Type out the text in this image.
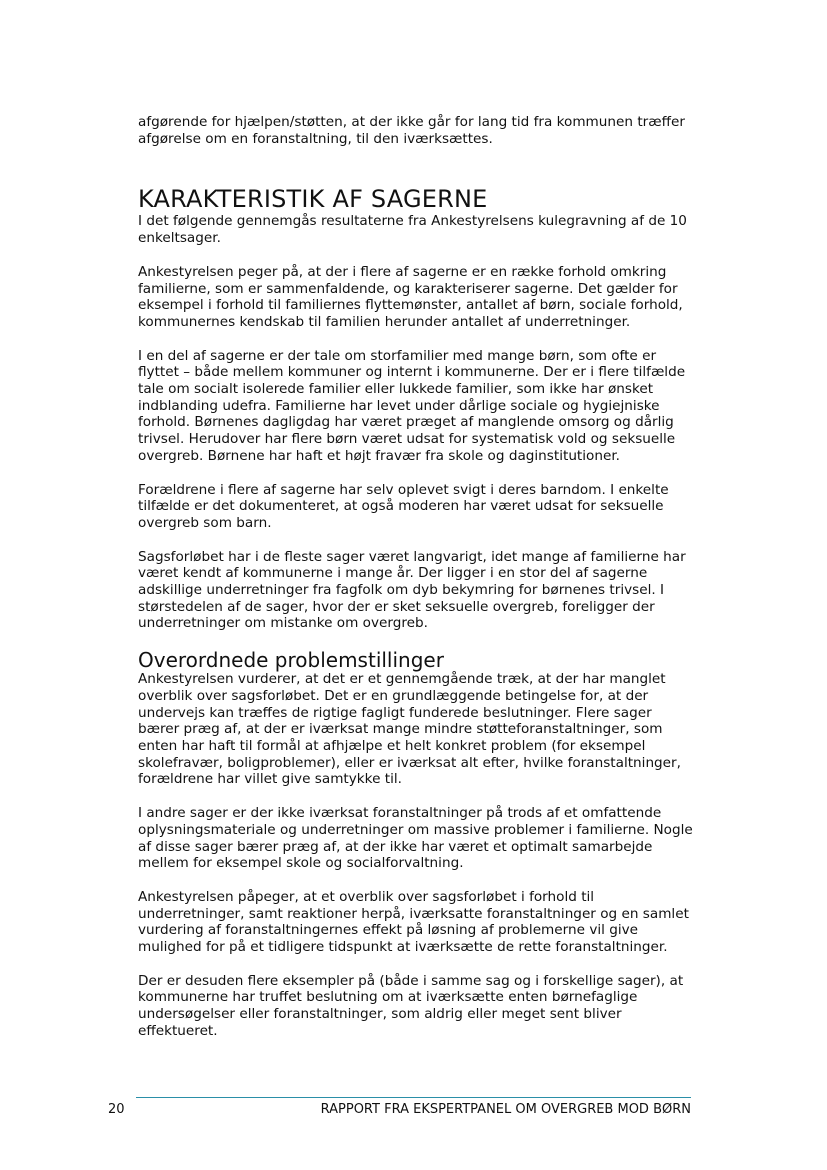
afgørende for hjælpen/støtten, at der ikke går for lang tid fra kommunen træffer
afgørelse om en foranstaltning, til den iværksættes.

KARAKTERISTIK AF SAGERNE

I det følgende gennemgås resultaterne fra Ankestyrelsens kulegravning af de 10
enkeltsager.

Ankestyrelsen peger på, at der i flere af sagerne er en række forhold omkring
familierne, som er sammenfaldende, og karakteriserer sagerne. Det gælder for
eksempel i forhold til familiernes flyttemønster, antallet af børn, sociale forhold,
kommunernes kendskab til familien herunder antallet af underretninger.

I en del af sagerne er der tale om storfamilier med mange børn, som ofte er
flyttet – både mellem kommuner og internt i kommunerne. Der er i flere tilfælde
tale om socialt isolerede familier eller lukkede familier, som ikke har ønsket
indblanding udefra. Familierne har levet under dårlige sociale og hygiejniske
forhold. Børnenes dagligdag har været præget af manglende omsorg og dårlig
trivsel. Herudover har flere børn været udsat for systematisk vold og seksuelle
overgreb. Børnene har haft et højt fravær fra skole og daginstitutioner.

Forældrene i flere af sagerne har selv oplevet svigt i deres barndom. I enkelte
tilfælde er det dokumenteret, at også moderen har været udsat for seksuelle
overgreb som barn.

Sagsforløbet har i de fleste sager været langvarigt, idet mange af familierne har
været kendt af kommunerne i mange år. Der ligger i en stor del af sagerne
adskillige underretninger fra fagfolk om dyb bekymring for børnenes trivsel. I
størstedelen af de sager, hvor der er sket seksuelle overgreb, foreligger der
underretninger om mistanke om overgreb.

Overordnede problemstillinger

Ankestyrelsen vurderer, at det er et gennemgående træk, at der har manglet
overblik over sagsforløbet. Det er en grundlæggende betingelse for, at der
undervejs kan træffes de rigtige fagligt funderede beslutninger. Flere sager
bærer præg af, at der er iværksat mange mindre støtteforanstaltninger, som
enten har haft til formål at afhjælpe et helt konkret problem (for eksempel
skolefravær, boligproblemer), eller er iværksat alt efter, hvilke foranstaltninger,
forældrene har villet give samtykke til.

I andre sager er der ikke iværksat foranstaltninger på trods af et omfattende
oplysningsmateriale og underretninger om massive problemer i familierne. Nogle
af disse sager bærer præg af, at der ikke har været et optimalt samarbejde
mellem for eksempel skole og socialforvaltning.

Ankestyrelsen påpeger, at et overblik over sagsforløbet i forhold til
underretninger, samt reaktioner herpå, iværksatte foranstaltninger og en samlet
vurdering af foranstaltningernes effekt på løsning af problemerne vil give
mulighed for på et tidligere tidspunkt at iværksætte de rette foranstaltninger.

Der er desuden flere eksempler på (både i samme sag og i forskellige sager), at
kommunerne har truffet beslutning om at iværksætte enten børnefaglige
undersøgelser eller foranstaltninger, som aldrig eller meget sent bliver
effektueret.

20	RAPPORT FRA EKSPERTPANEL OM OVERGREB MOD BØRN
